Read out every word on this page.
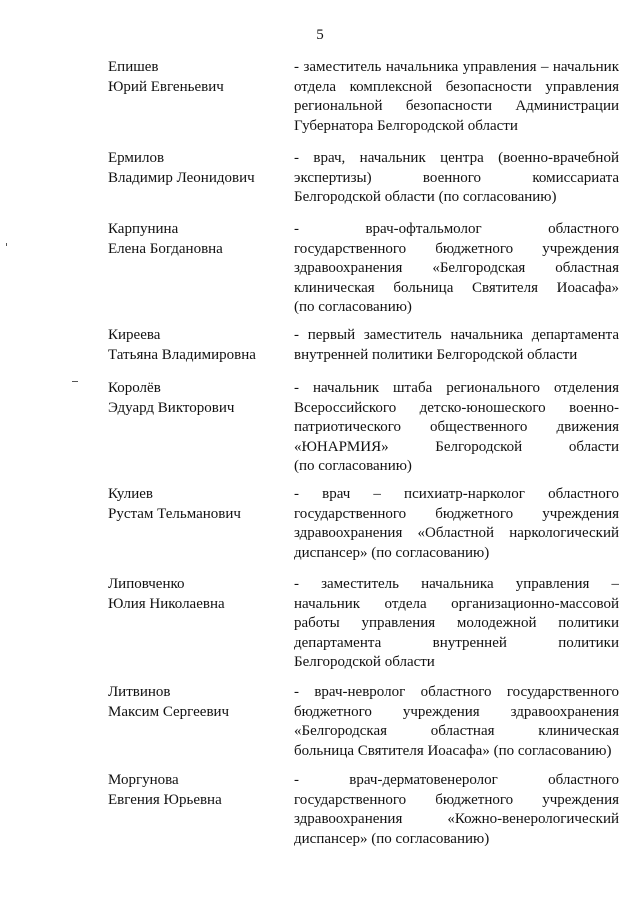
5
Епишев
Юрий Евгеньевич
- заместитель начальника управления – начальник
отдела комплексной безопасности управления
региональной безопасности Администрации
Губернатора Белгородской области
Ермилов
Владимир Леонидович
- врач, начальник центра (военно-врачебной
экспертизы) военного комиссариата
Белгородской области (по согласованию)
Карпунина
Елена Богдановна
- врач-офтальмолог областного
государственного бюджетного учреждения
здравоохранения «Белгородская областная
клиническая больница Святителя Иоасафа»
(по согласованию)
Киреева
Татьяна Владимировна
- первый заместитель начальника департамента
внутренней политики Белгородской области
Королёв
Эдуард Викторович
- начальник штаба регионального отделения
Всероссийского детско-юношеского военно-
патриотического общественного движения
«ЮНАРМИЯ» Белгородской области
(по согласованию)
Кулиев
Рустам Тельманович
- врач – психиатр-нарколог областного
государственного бюджетного учреждения
здравоохранения «Областной наркологический
диспансер» (по согласованию)
Липовченко
Юлия Николаевна
- заместитель начальника управления –
начальник отдела организационно-массовой
работы управления молодежной политики
департамента внутренней политики
Белгородской области
Литвинов
Максим Сергеевич
- врач-невролог областного государственного
бюджетного учреждения здравоохранения
«Белгородская областная клиническая
больница Святителя Иоасафа» (по согласованию)
Моргунова
Евгения Юрьевна
- врач-дерматовенеролог областного
государственного бюджетного учреждения
здравоохранения «Кожно-венерологический
диспансер» (по согласованию)
